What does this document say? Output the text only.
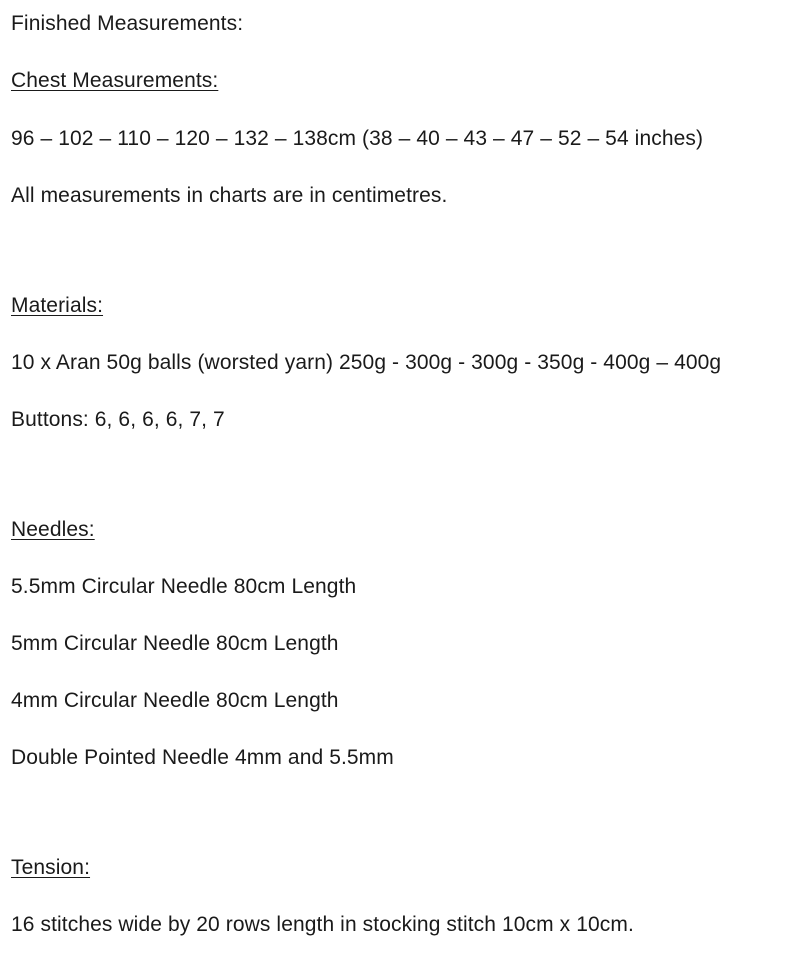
Finished Measurements:
Chest Measurements:
96 – 102 – 110 – 120 – 132 – 138cm (38 – 40 – 43 – 47 – 52 – 54 inches)
All measurements in charts are in centimetres.
Materials:
10 x Aran 50g balls (worsted yarn) 250g - 300g - 300g - 350g - 400g – 400g
Buttons: 6, 6, 6, 6, 7, 7
Needles:
5.5mm Circular Needle 80cm Length
5mm Circular Needle 80cm Length
4mm Circular Needle 80cm Length
Double Pointed Needle 4mm and 5.5mm
Tension:
16 stitches wide by 20 rows length in stocking stitch 10cm x 10cm.
